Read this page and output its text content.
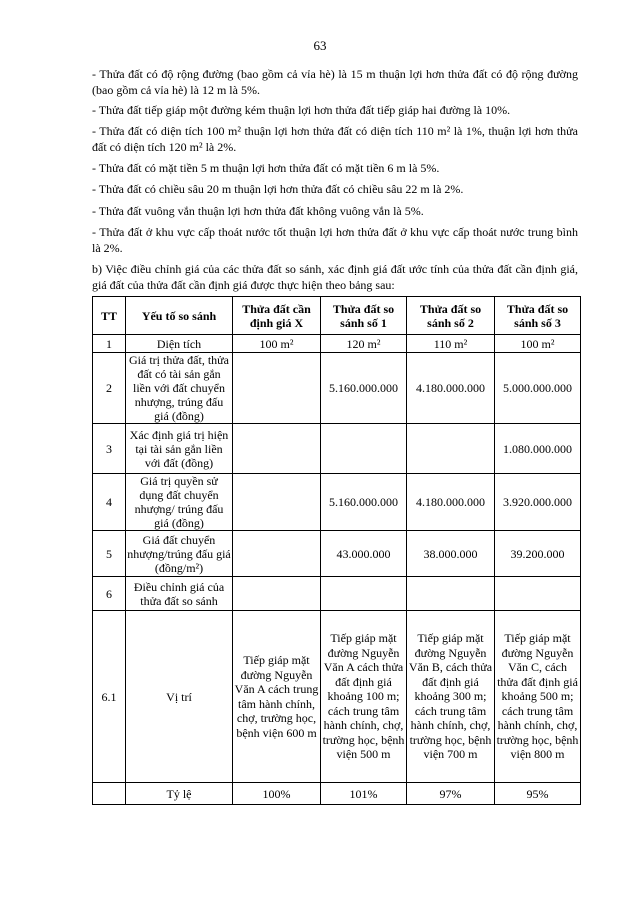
63
- Thửa đất có độ rộng đường (bao gồm cả vỉa hè) là 15 m thuận lợi hơn thửa đất có độ rộng đường (bao gồm cả vỉa hè) là 12 m là 5%.
- Thửa đất tiếp giáp một đường kém thuận lợi hơn thửa đất tiếp giáp hai đường là 10%.
- Thửa đất có diện tích 100 m² thuận lợi hơn thửa đất có diện tích 110 m² là 1%, thuận lợi hơn thửa đất có diện tích 120 m² là 2%.
- Thửa đất có mặt tiền 5 m thuận lợi hơn thửa đất có mặt tiền 6 m là 5%.
- Thửa đất có chiều sâu 20 m thuận lợi hơn thửa đất có chiều sâu 22 m là 2%.
- Thửa đất vuông vắn thuận lợi hơn thửa đất không vuông vắn là 5%.
- Thửa đất ở khu vực cấp thoát nước tốt thuận lợi hơn thửa đất ở khu vực cấp thoát nước trung bình là 2%.
b) Việc điều chỉnh giá của các thửa đất so sánh, xác định giá đất ước tính của thửa đất cần định giá, giá đất của thửa đất cần định giá được thực hiện theo bảng sau:
TT	Yếu tố so sánh	Thửa đất cần định giá X	Thửa đất so sánh số 1	Thửa đất so sánh số 2	Thửa đất so sánh số 3
1	Diện tích	100 m²	120 m²	110 m²	100 m²
2	Giá trị thửa đất, thửa đất có tài sản gắn liền với đất chuyển nhượng, trúng đấu giá (đồng)		5.160.000.000	4.180.000.000	5.000.000.000
3	Xác định giá trị hiện tại tài sản gắn liền với đất (đồng)				1.080.000.000
4	Giá trị quyền sử dụng đất chuyển nhượng/ trúng đấu giá (đồng)		5.160.000.000	4.180.000.000	3.920.000.000
5	Giá đất chuyển nhượng/trúng đấu giá (đồng/m²)		43.000.000	38.000.000	39.200.000
6	Điều chỉnh giá của thửa đất so sánh				
6.1	Vị trí	Tiếp giáp mặt đường Nguyễn Văn A cách trung tâm hành chính, chợ, trường học, bệnh viện 600 m	Tiếp giáp mặt đường Nguyễn Văn A cách thửa đất định giá khoảng 100 m; cách trung tâm hành chính, chợ, trường học, bệnh viện 500 m	Tiếp giáp mặt đường Nguyễn Văn B, cách thửa đất định giá khoảng 300 m; cách trung tâm hành chính, chợ, trường học, bệnh viện 700 m	Tiếp giáp mặt đường Nguyễn Văn C, cách thửa đất định giá khoảng 500 m; cách trung tâm hành chính, chợ, trường học, bệnh viện 800 m
	Tỷ lệ	100%	101%	97%	95%
